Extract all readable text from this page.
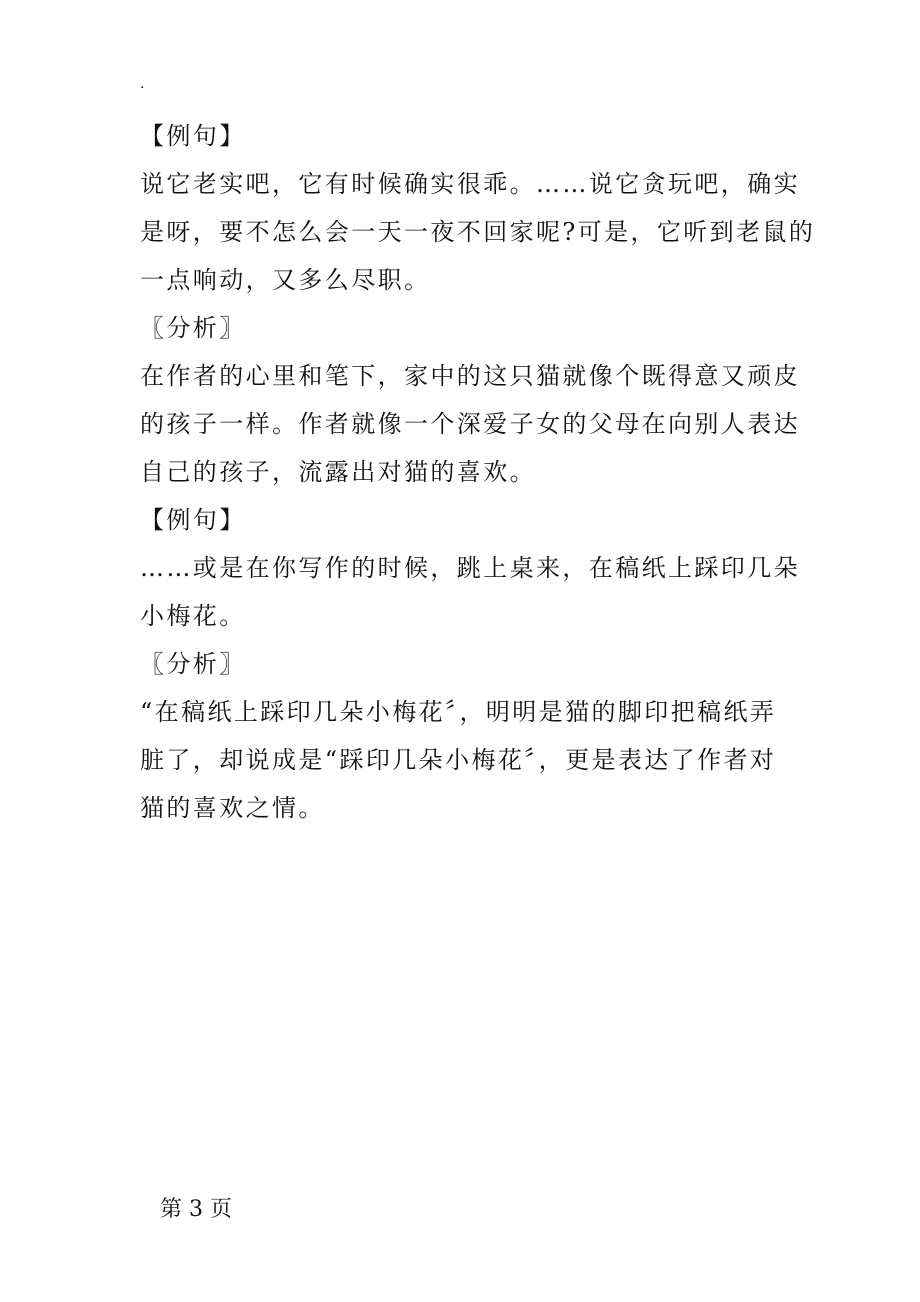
.
【例句】
说它老实吧，它有时候确实很乖。……说它贪玩吧，确实
是呀，要不怎么会一天一夜不回家呢?可是，它听到老鼠的
一点响动，又多么尽职。
〖分析〗
在作者的心里和笔下，家中的这只猫就像个既得意又顽皮
的孩子一样。作者就像一个深爱子女的父母在向别人表达
自己的孩子，流露出对猫的喜欢。
【例句】
……或是在你写作的时候，跳上桌来，在稿纸上踩印几朵
小梅花。
〖分析〗
“在稿纸上踩印几朵小梅花〞，明明是猫的脚印把稿纸弄
脏了，却说成是“踩印几朵小梅花〞，更是表达了作者对
猫的喜欢之情。
第 3 页
